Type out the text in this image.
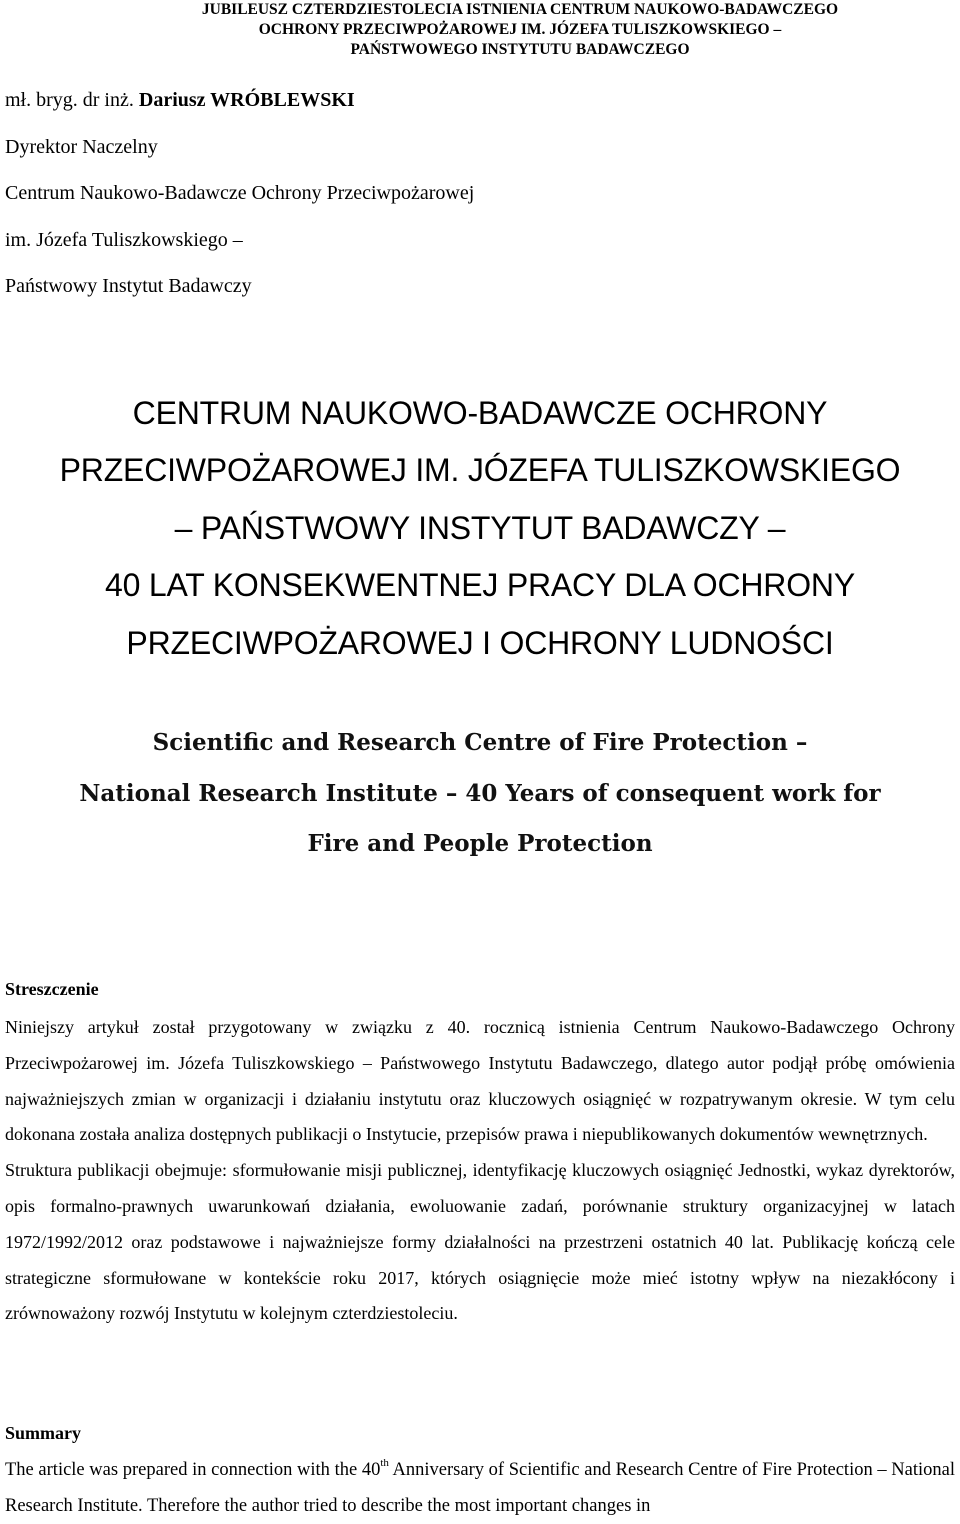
JUBILEUSZ CZTERDZIESTOLECIA ISTNIENIA CENTRUM NAUKOWO-BADAWCZEGO
OCHRONY PRZECIWPOŻAROWEJ IM. JÓZEFA TULISZKOWSKIEGO –
PAŃSTWOWEGO INSTYTUTU BADAWCZEGO
mł. bryg. dr inż. Dariusz WRÓBLEWSKI
Dyrektor Naczelny
Centrum Naukowo-Badawcze Ochrony Przeciwpożarowej
im. Józefa Tuliszkowskiego –
Państwowy Instytut Badawczy
CENTRUM NAUKOWO-BADAWCZE OCHRONY
PRZECIWPOŻAROWEJ IM. JÓZEFA TULISZKOWSKIEGO
– PAŃSTWOWY INSTYTUT BADAWCZY –
40 LAT KONSEKWENTNEJ PRACY DLA OCHRONY
PRZECIWPOŻAROWEJ I OCHRONY LUDNOŚCI
Scientific and Research Centre of Fire Protection –
National Research Institute – 40 Years of consequent work for
Fire and People Protection
Streszczenie

Niniejszy artykuł został przygotowany w związku z 40. rocznicą istnienia Centrum Naukowo-Badawczego Ochrony Przeciwpożarowej im. Józefa Tuliszkowskiego – Państwowego Instytutu Badawczego, dlatego autor podjął próbę omówienia najważniejszych zmian w organizacji i działaniu instytutu oraz kluczowych osiągnięć w rozpatrywanym okresie. W tym celu dokonana została analiza dostępnych publikacji o Instytucie, przepisów prawa i niepublikowanych dokumentów wewnętrznych.

Struktura publikacji obejmuje: sformułowanie misji publicznej, identyfikację kluczowych osiągnięć Jednostki, wykaz dyrektorów, opis formalno-prawnych uwarunkowań działania, ewoluowanie zadań, porównanie struktury organizacyjnej w latach 1972/1992/2012 oraz podstawowe i najważniejsze formy działalności na przestrzeni ostatnich 40 lat. Publikację kończą cele strategiczne sformułowane w kontekście roku 2017, których osiągnięcie może mieć istotny wpływ na niezakłócony i zrównoważony rozwój Instytutu w kolejnym czterdziestoleciu.

Summary

The article was prepared in connection with the 40th Anniversary of Scientific and Research Centre of Fire Protection – National Research Institute. Therefore the author tried to describe the most important changes in
